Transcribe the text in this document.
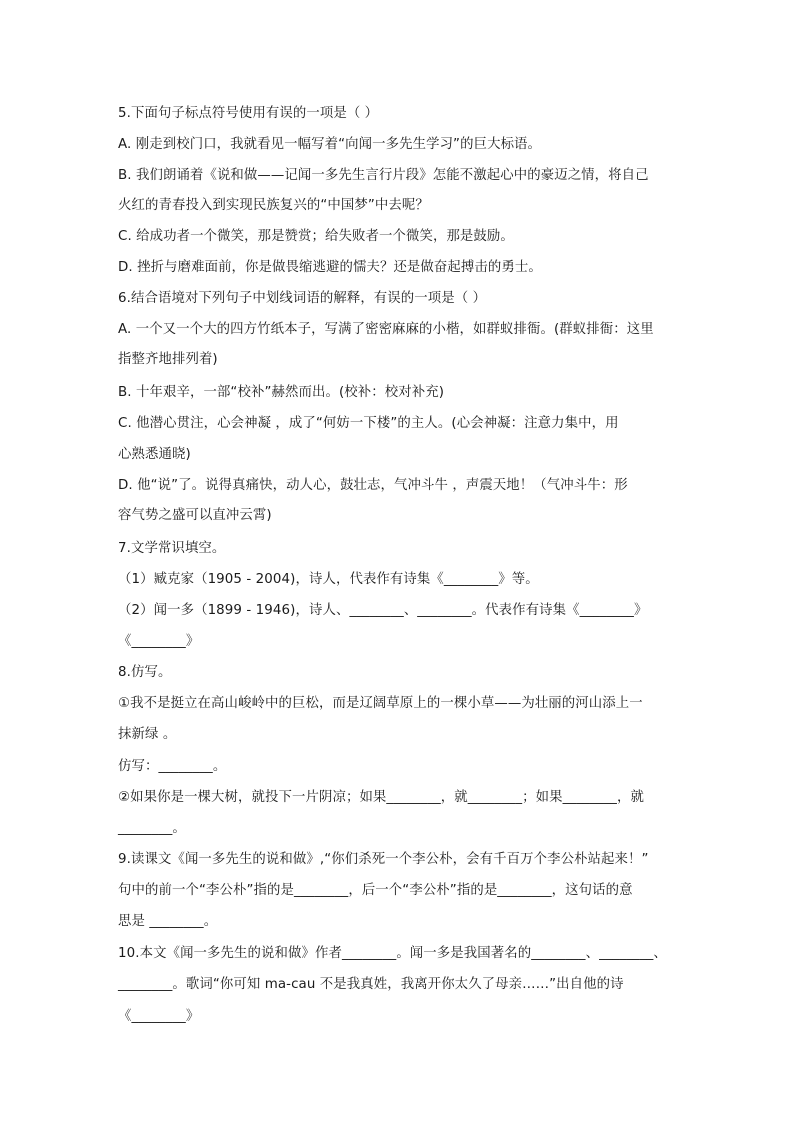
5.下面句子标点符号使用有误的一项是（ ）
A. 刚走到校门口，我就看见一幅写着“向闻一多先生学习”的巨大标语。
B. 我们朗诵着《说和做——记闻一多先生言行片段》怎能不激起心中的豪迈之情，将自己
火红的青春投入到实现民族复兴的“中国梦”中去呢？
C. 给成功者一个微笑，那是赞赏；给失败者一个微笑，那是鼓励。
D. 挫折与磨难面前，你是做畏缩逃避的懦夫？还是做奋起搏击的勇士。
6.结合语境对下列句子中划线词语的解释，有误的一项是（ ）
A. 一个又一个大的四方竹纸本子，写满了密密麻麻的小楷，如群蚁排衙。(群蚁排衙：这里
指整齐地排列着)
B. 十年艰辛，一部“校补”赫然而出。(校补：校对补充)
C. 他潜心贯注，心会神凝 ，成了“何妨一下楼”的主人。(心会神凝：注意力集中，用
心熟悉通晓)
D. 他“说”了。说得真痛快，动人心，鼓壮志，气冲斗牛 ，声震天地！（气冲斗牛：形
容气势之盛可以直冲云霄)
7.文学常识填空。
（1）臧克家（1905 - 2004)，诗人，代表作有诗集《________》等。
（2）闻一多（1899 - 1946)，诗人、________、________。代表作有诗集《________》
《________》
8.仿写。
①我不是挺立在高山峻岭中的巨松，而是辽阔草原上的一棵小草——为壮丽的河山添上一
抹新绿 。
仿写：________。
②如果你是一棵大树，就投下一片阴凉；如果________，就________；如果________，就
________。
9.读课文《闻一多先生的说和做》,“你们杀死一个李公朴，会有千百万个李公朴站起来！”
句中的前一个“李公朴”指的是________，后一个“李公朴”指的是________，这句话的意
思是 ________。
10.本文《闻一多先生的说和做》作者________。闻一多是我国著名的________、________、
________。歌词“你可知 ma-cau 不是我真姓，我离开你太久了母亲……”出自他的诗
《________》
